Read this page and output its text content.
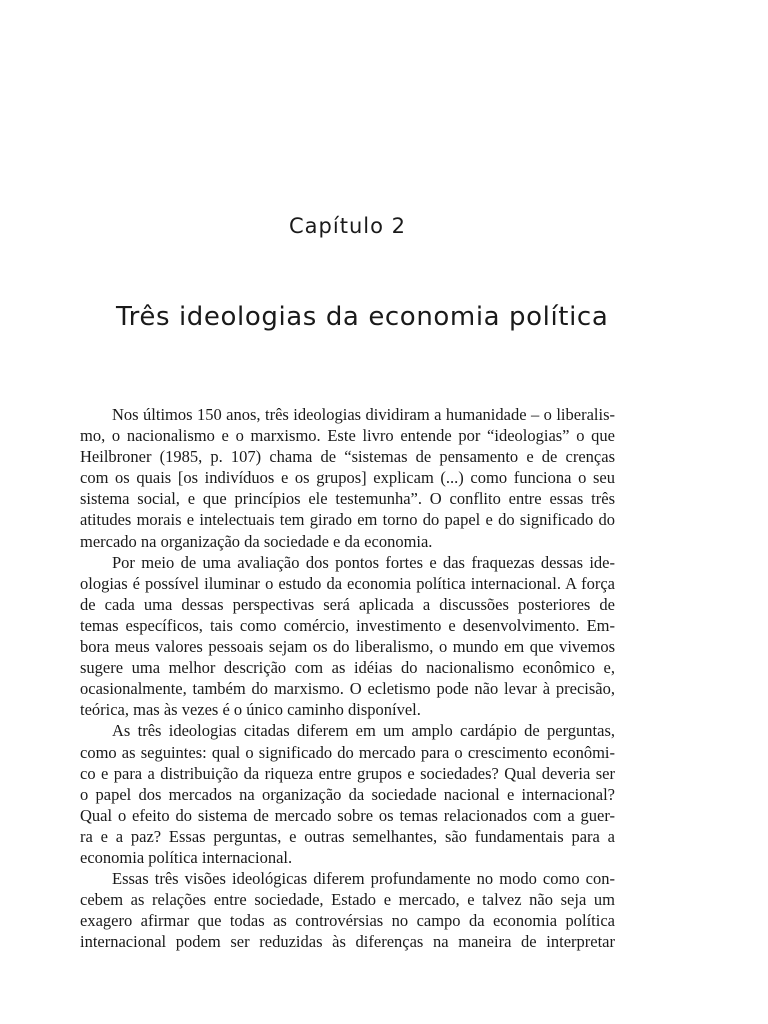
Capítulo 2
Três ideologias da economia política
Nos últimos 150 anos, três ideologias dividiram a humanidade – o liberalis-
mo, o nacionalismo e o marxismo. Este livro entende por “ideologias” o que
Heilbroner (1985, p. 107) chama de “sistemas de pensamento e de crenças
com os quais [os indivíduos e os grupos] explicam (...) como funciona o seu
sistema social, e que princípios ele testemunha”. O conflito entre essas três
atitudes morais e intelectuais tem girado em torno do papel e do significado do
mercado na organização da sociedade e da economia.
Por meio de uma avaliação dos pontos fortes e das fraquezas dessas ide-
ologias é possível iluminar o estudo da economia política internacional. A força
de cada uma dessas perspectivas será aplicada a discussões posteriores de
temas específicos, tais como comércio, investimento e desenvolvimento. Em-
bora meus valores pessoais sejam os do liberalismo, o mundo em que vivemos
sugere uma melhor descrição com as idéias do nacionalismo econômico e,
ocasionalmente, também do marxismo. O ecletismo pode não levar à precisão,
teórica, mas às vezes é o único caminho disponível.
As três ideologias citadas diferem em um amplo cardápio de perguntas,
como as seguintes: qual o significado do mercado para o crescimento econômi-
co e para a distribuição da riqueza entre grupos e sociedades? Qual deveria ser
o papel dos mercados na organização da sociedade nacional e internacional?
Qual o efeito do sistema de mercado sobre os temas relacionados com a guer-
ra e a paz? Essas perguntas, e outras semelhantes, são fundamentais para a
economia política internacional.
Essas três visões ideológicas diferem profundamente no modo como con-
cebem as relações entre sociedade, Estado e mercado, e talvez não seja um
exagero afirmar que todas as controvérsias no campo da economia política
internacional podem ser reduzidas às diferenças na maneira de interpretar
